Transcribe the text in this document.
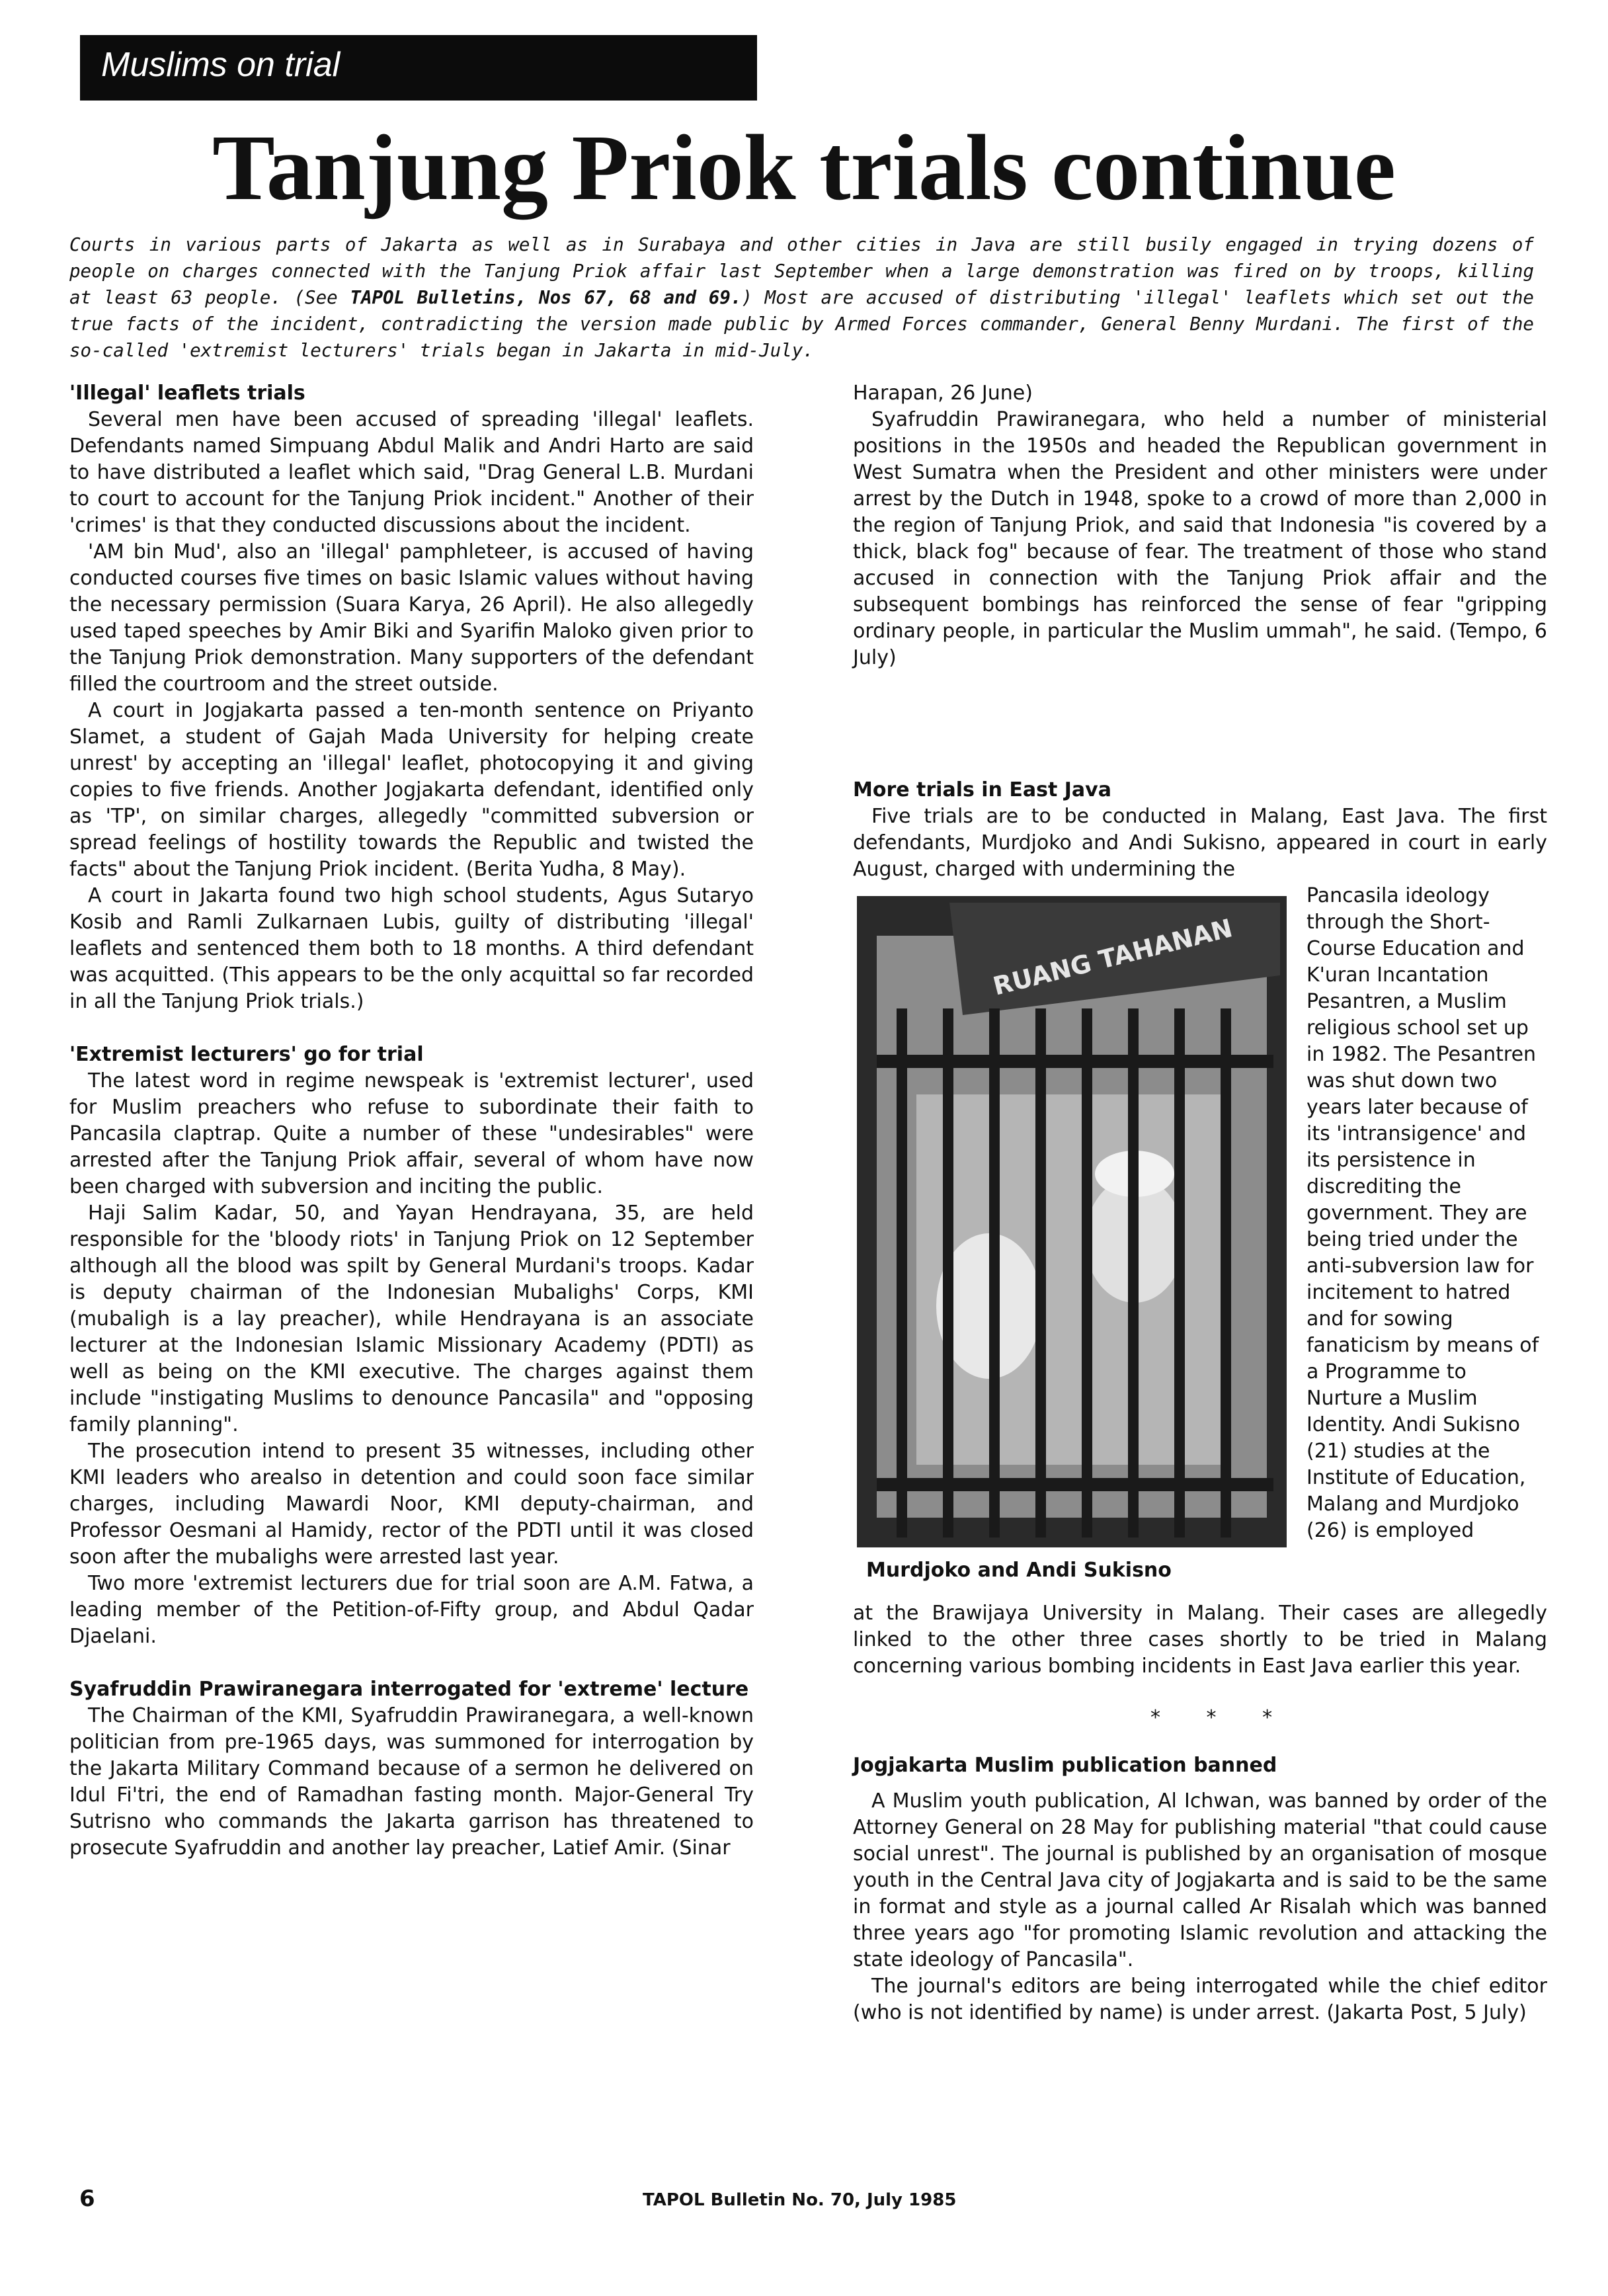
Muslims on trial
Tanjung Priok trials continue
Courts in various parts of Jakarta as well as in Surabaya and other cities in Java are still busily engaged in trying dozens of people on charges connected with the Tanjung Priok affair last September when a large demonstration was fired on by troops, killing at least 63 people. (See TAPOL Bulletins, Nos 67, 68 and 69.) Most are accused of distributing 'illegal' leaflets which set out the true facts of the incident, contradicting the version made public by Armed Forces commander, General Benny Murdani. The first of the so-called 'extremist lecturers' trials began in Jakarta in mid-July.
'Illegal' leaflets trials

Several men have been accused of spreading 'illegal' leaflets. Defendants named Simpuang Abdul Malik and Andri Harto are said to have distributed a leaflet which said, "Drag General L.B. Murdani to court to account for the Tanjung Priok incident." Another of their 'crimes' is that they conducted discussions about the incident.

'AM bin Mud', also an 'illegal' pamphleteer, is accused of having conducted courses five times on basic Islamic values without having the necessary permission (Suara Karya, 26 April). He also allegedly used taped speeches by Amir Biki and Syarifin Maloko given prior to the Tanjung Priok demonstration. Many supporters of the defendant filled the courtroom and the street outside.

A court in Jogjakarta passed a ten-month sentence on Priyanto Slamet, a student of Gajah Mada University for helping create unrest' by accepting an 'illegal' leaflet, photocopying it and giving copies to five friends. Another Jogjakarta defendant, identified only as 'TP', on similar charges, allegedly "committed subversion or spread feelings of hostility towards the Republic and twisted the facts" about the Tanjung Priok incident. (Berita Yudha, 8 May).

A court in Jakarta found two high school students, Agus Sutaryo Kosib and Ramli Zulkarnaen Lubis, guilty of distributing 'illegal' leaflets and sentenced them both to 18 months. A third defendant was acquitted. (This appears to be the only acquittal so far recorded in all the Tanjung Priok trials.)

'Extremist lecturers' go for trial

The latest word in regime newspeak is 'extremist lecturer', used for Muslim preachers who refuse to subordinate their faith to Pancasila claptrap. Quite a number of these "undesirables" were arrested after the Tanjung Priok affair, several of whom have now been charged with subversion and inciting the public.

Haji Salim Kadar, 50, and Yayan Hendrayana, 35, are held responsible for the 'bloody riots' in Tanjung Priok on 12 September although all the blood was spilt by General Murdani's troops. Kadar is deputy chairman of the Indonesian Mubalighs' Corps, KMI (mubaligh is a lay preacher), while Hendrayana is an associate lecturer at the Indonesian Islamic Missionary Academy (PDTI) as well as being on the KMI executive. The charges against them include "instigating Muslims to denounce Pancasila" and "opposing family planning".

The prosecution intend to present 35 witnesses, including other KMI leaders who arealso in detention and could soon face similar charges, including Mawardi Noor, KMI deputy-chairman, and Professor Oesmani al Hamidy, rector of the PDTI until it was closed soon after the mubalighs were arrested last year.

Two more 'extremist lecturers due for trial soon are A.M. Fatwa, a leading member of the Petition-of-Fifty group, and Abdul Qadar Djaelani.

Syafruddin Prawiranegara interrogated for 'extreme' lecture

The Chairman of the KMI, Syafruddin Prawiranegara, a well-known politician from pre-1965 days, was summoned for interrogation by the Jakarta Military Command because of a sermon he delivered on Idul Fi'tri, the end of Ramadhan fasting month. Major-General Try Sutrisno who commands the Jakarta garrison has threatened to prosecute Syafruddin and another lay preacher, Latief Amir. (Sinar

Harapan, 26 June)

Syafruddin Prawiranegara, who held a number of ministerial positions in the 1950s and headed the Republican government in West Sumatra when the President and other ministers were under arrest by the Dutch in 1948, spoke to a crowd of more than 2,000 in the region of Tanjung Priok, and said that Indonesia "is covered by a thick, black fog" because of fear. The treatment of those who stand accused in connection with the Tanjung Priok affair and the subsequent bombings has reinforced the sense of fear "gripping ordinary people, in particular the Muslim ummah", he said. (Tempo, 6 July)

More trials in East Java

Five trials are to be conducted in Malang, East Java. The first defendants, Murdjoko and Andi Sukisno, appeared in court in early August, charged with undermining the

RUANG TAHANAN

Pancasila ideology through the Short-Course Education and K'uran Incantation Pesantren, a Muslim religious school set up in 1982. The Pesantren was shut down two years later because of its 'intransigence' and its persistence in discrediting the government. They are being tried under the anti-subversion law for incitement to hatred and for sowing fanaticism by means of a Programme to Nurture a Muslim Identity. Andi Sukisno (21) studies at the Institute of Education, Malang and Murdjoko (26) is employed

Murdjoko and Andi Sukisno

at the Brawijaya University in Malang. Their cases are allegedly linked to the other three cases shortly to be tried in Malang concerning various bombing incidents in East Java earlier this year.

* * *
Jogjakarta Muslim publication banned

A Muslim youth publication, Al Ichwan, was banned by order of the Attorney General on 28 May for publishing material "that could cause social unrest". The journal is published by an organisation of mosque youth in the Central Java city of Jogjakarta and is said to be the same in format and style as a journal called Ar Risalah which was banned three years ago "for promoting Islamic revolution and attacking the state ideology of Pancasila".

The journal's editors are being interrogated while the chief editor (who is not identified by name) is under arrest. (Jakarta Post, 5 July)

6	TAPOL Bulletin No. 70, July 1985
